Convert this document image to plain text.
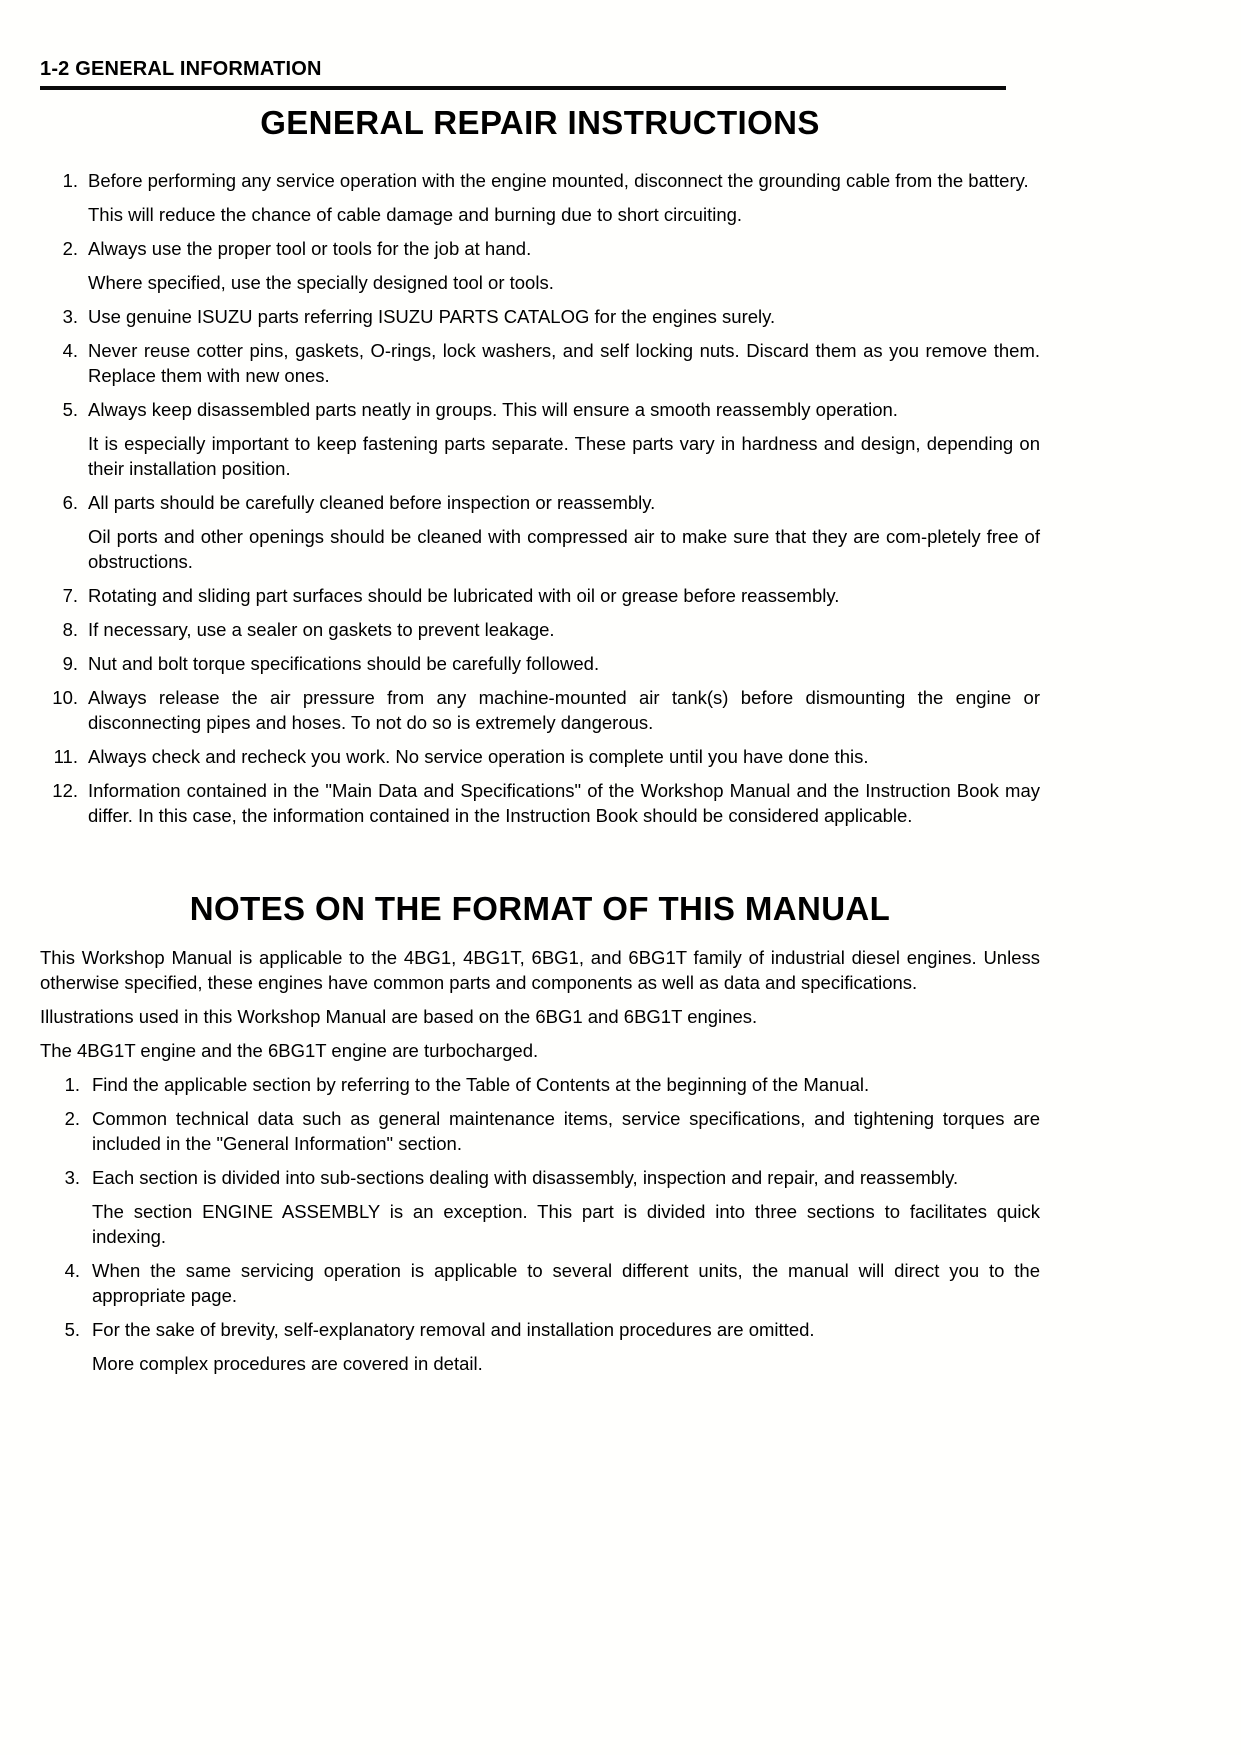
1‑2 GENERAL INFORMATION
GENERAL REPAIR INSTRUCTIONS
1. Before performing any service operation with the engine mounted, disconnect the grounding cable from the battery.
This will reduce the chance of cable damage and burning due to short circuiting.
2. Always use the proper tool or tools for the job at hand.
Where specified, use the specially designed tool or tools.
3. Use genuine ISUZU parts referring ISUZU PARTS CATALOG for the engines surely.
4. Never reuse cotter pins, gaskets, O-rings, lock washers, and self locking nuts. Discard them as you remove them. Replace them with new ones.
5. Always keep disassembled parts neatly in groups. This will ensure a smooth reassembly operation.
It is especially important to keep fastening parts separate. These parts vary in hardness and design, depending on their installation position.
6. All parts should be carefully cleaned before inspection or reassembly.
Oil ports and other openings should be cleaned with compressed air to make sure that they are com-pletely free of obstructions.
7. Rotating and sliding part surfaces should be lubricated with oil or grease before reassembly.
8. If necessary, use a sealer on gaskets to prevent leakage.
9. Nut and bolt torque specifications should be carefully followed.
10. Always release the air pressure from any machine-mounted air tank(s) before dismounting the engine or disconnecting pipes and hoses. To not do so is extremely dangerous.
11. Always check and recheck you work. No service operation is complete until you have done this.
12. Information contained in the "Main Data and Specifications" of the Workshop Manual and the Instruction Book may differ. In this case, the information contained in the Instruction Book should be considered applicable.
NOTES ON THE FORMAT OF THIS MANUAL

This Workshop Manual is applicable to the 4BG1, 4BG1T, 6BG1, and 6BG1T family of industrial diesel engines. Unless otherwise specified, these engines have common parts and components as well as data and specifications.

Illustrations used in this Workshop Manual are based on the 6BG1 and 6BG1T engines.

The 4BG1T engine and the 6BG1T engine are turbocharged.

1. Find the applicable section by referring to the Table of Contents at the beginning of the Manual.
2. Common technical data such as general maintenance items, service specifications, and tightening torques are included in the "General Information" section.
3. Each section is divided into sub-sections dealing with disassembly, inspection and repair, and reassembly.
The section ENGINE ASSEMBLY is an exception. This part is divided into three sections to facilitates quick indexing.
4. When the same servicing operation is applicable to several different units, the manual will direct you to the appropriate page.
5. For the sake of brevity, self-explanatory removal and installation procedures are omitted.
More complex procedures are covered in detail.
